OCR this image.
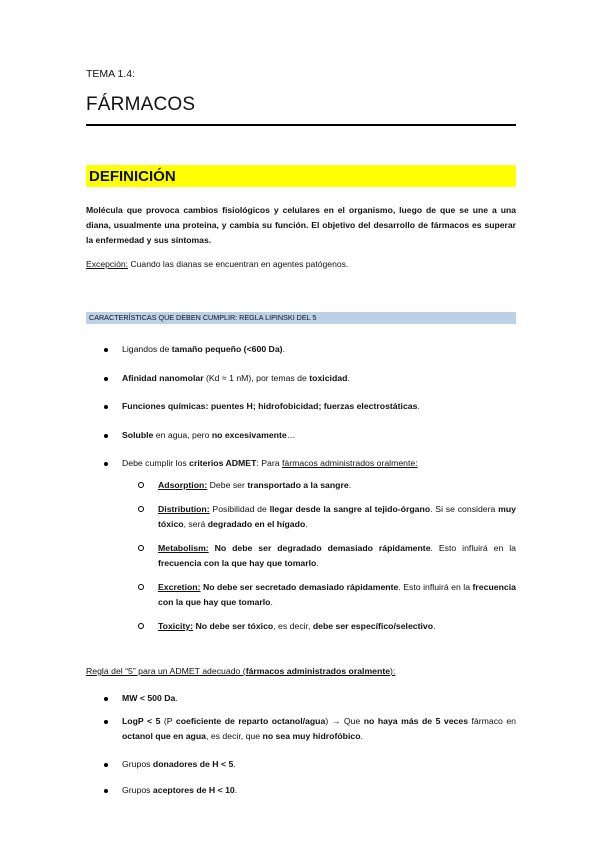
TEMA 1.4:
FÁRMACOS
DEFINICIÓN
Molécula que provoca cambios fisiológicos y celulares en el organismo, luego de que se une a una diana, usualmente una proteína, y cambia su función. El objetivo del desarrollo de fármacos es superar la enfermedad y sus síntomas.
Excepción: Cuando las dianas se encuentran en agentes patógenos.
CARACTERÍSTICAS QUE DEBEN CUMPLIR: REGLA LIPINSKI DEL 5
Ligandos de tamaño pequeño (<600 Da).
Afinidad nanomolar (Kd ≈ 1 nM), por temas de toxicidad.
Funciones químicas: puentes H; hidrofobicidad; fuerzas electrostáticas.
Soluble en agua, pero no excesivamente…
Debe cumplir los criterios ADMET: Para fármacos administrados oralmente:
Adsorption: Debe ser transportado a la sangre.
Distribution: Posibilidad de llegar desde la sangre al tejido-órgano. Si se considera muy tóxico, será degradado en el hígado.
Metabolism: No debe ser degradado demasiado rápidamente. Esto influirá en la frecuencia con la que hay que tomarlo.
Excretion: No debe ser secretado demasiado rápidamente. Esto influirá en la frecuencia con la que hay que tomarlo.
Toxicity: No debe ser tóxico, es decir, debe ser específico/selectivo.
Regla del “5” para un ADMET adecuado (fármacos administrados oralmente):
MW < 500 Da.
LogP < 5 (P coeficiente de reparto octanol/agua) → Que no haya más de 5 veces fármaco en octanol que en agua, es decir, que no sea muy hidrofóbico.
Grupos donadores de H < 5.
Grupos aceptores de H < 10.
